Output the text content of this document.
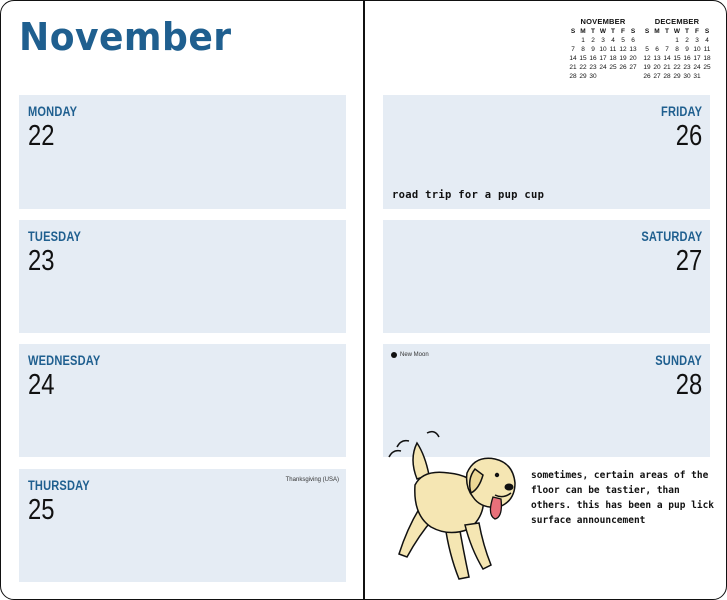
November
MONDAY
22
TUESDAY
23
WEDNESDAY
24
THURSDAY
25
Thanksgiving (USA)
NOVEMBER
S	M	T	W	T	F	S
	1	2	3	4	5	6
7	8	9	10	11	12	13
14	15	16	17	18	19	20
21	22	23	24	25	26	27
28	29	30				
DECEMBER
S	M	T	W	T	F	S
			1	2	3	4
5	6	7	8	9	10	11
12	13	14	15	16	17	18
19	20	21	22	23	24	25
26	27	28	29	30	31	
FRIDAY
26
road trip for a pup cup
SATURDAY
27
SUNDAY
28
New Moon
sometimes, certain areas of the floor can be tastier, than others. this has been a pup lick surface announcement
